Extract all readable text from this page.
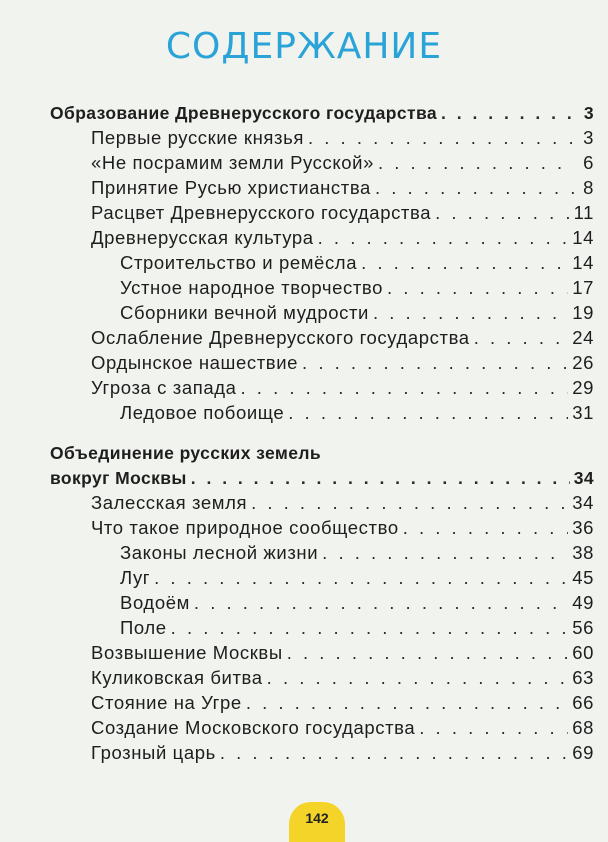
СОДЕРЖАНИЕ
Образование Древнерусского государства . . .	3
Первые русские князья . . .	3
«Не посрамим земли Русской» . . .	6
Принятие Русью христианства . . .	8
Расцвет Древнерусского государства . . .	11
Древнерусская культура . . .	14
Строительство и ремёсла . . .	14
Устное народное творчество . . .	17
Сборники вечной мудрости . . .	19
Ослабление Древнерусского государства . . .	24
Ордынское нашествие . . .	26
Угроза с запада . . .	29
Ледовое побоище . . .	31
Объединение русских земель
вокруг Москвы . . .	34
Залесская земля . . .	34
Что такое природное сообщество . . .	36
Законы лесной жизни . . .	38
Луг . . .	45
Водоём . . .	49
Поле . . .	56
Возвышение Москвы . . .	60
Куликовская битва . . .	63
Стояние на Угре . . .	66
Создание Московского государства . . .	68
Грозный царь . . .	69
142
